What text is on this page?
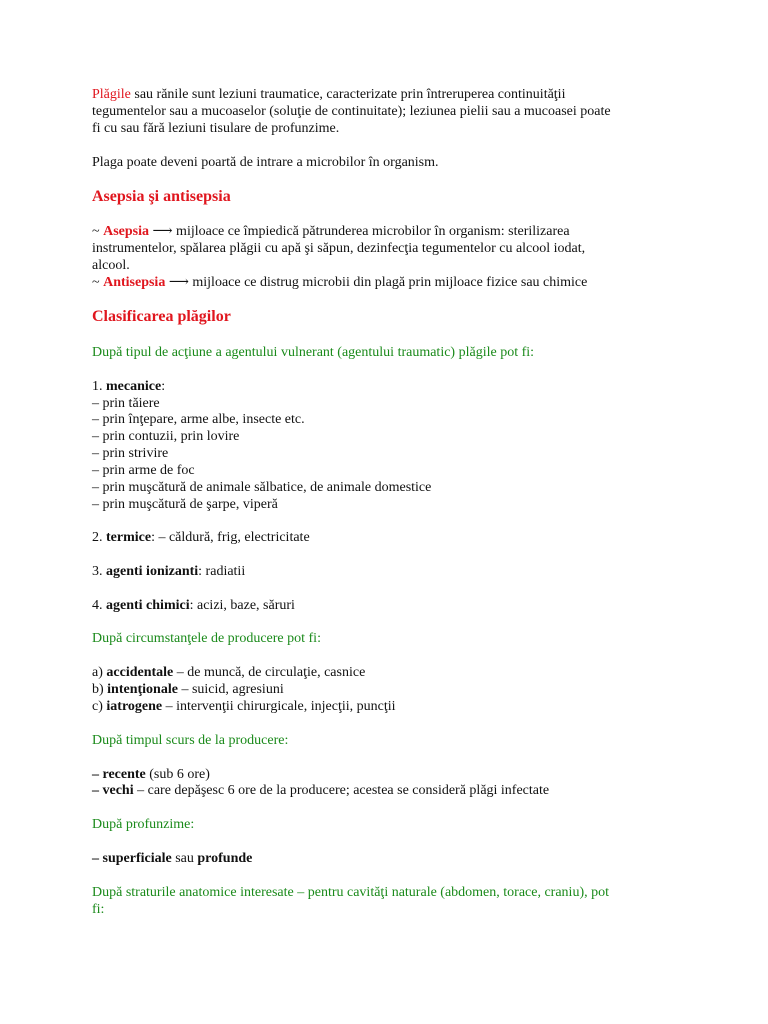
Plăgile sau rănile sunt leziuni traumatice, caracterizate prin întreruperea continuităţii
tegumentelor sau a mucoaselor (soluţie de continuitate); leziunea pielii sau a mucoasei poate
fi cu sau fără leziuni tisulare de profunzime.
Plaga poate deveni poartă de intrare a microbilor în organism.
Asepsia şi antisepsia
~ Asepsia ⟶ mijloace ce împiedică pătrunderea microbilor în organism: sterilizarea
instrumentelor, spălarea plăgii cu apă şi săpun, dezinfecţia tegumentelor cu alcool iodat,
alcool.
~ Antisepsia ⟶ mijloace ce distrug microbii din plagă prin mijloace fizice sau chimice
Clasificarea plăgilor
După tipul de acţiune a agentului vulnerant (agentului traumatic) plăgile pot fi:
1. mecanice:
– prin tăiere
– prin înţepare, arme albe, insecte etc.
– prin contuzii, prin lovire
– prin strivire
– prin arme de foc
– prin muşcătură de animale sălbatice, de animale domestice
– prin muşcătură de şarpe, viperă
2. termice: – căldură, frig, electricitate
3. agenti ionizanti: radiatii
4. agenti chimici: acizi, baze, săruri
După circumstanţele de producere pot fi:
a) accidentale – de muncă, de circulaţie, casnice
b) intenţionale – suicid, agresiuni
c) iatrogene – intervenţii chirurgicale, injecţii, puncţii
După timpul scurs de la producere:
– recente (sub 6 ore)
– vechi – care depăşesc 6 ore de la producere; acestea se consideră plăgi infectate
După profunzime:
– superficiale sau profunde
După straturile anatomice interesate – pentru cavităţi naturale (abdomen, torace, craniu), pot
fi:
